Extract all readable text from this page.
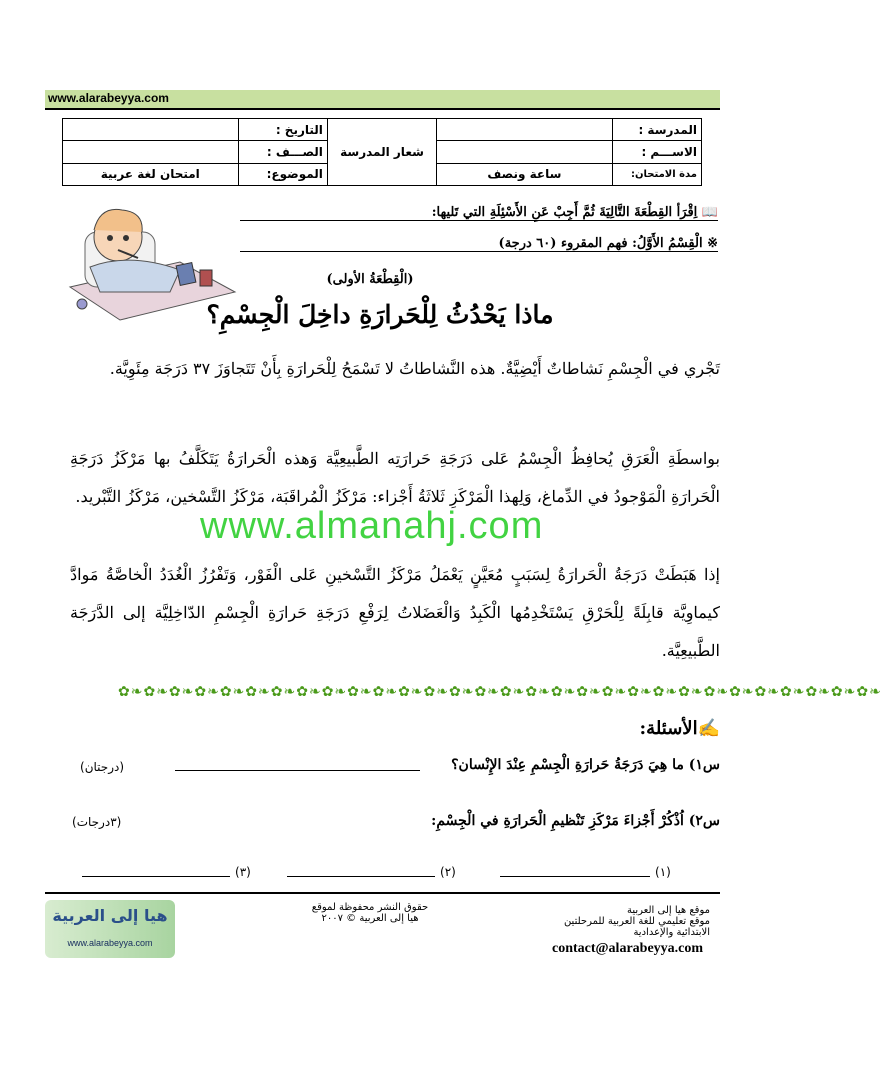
www.alarabeyya.com
المدرسة :		شعار المدرسة	التاريخ :	
الاســـم :			الصـــف :	
مدة الامتحان:	ساعة ونصف		الموضوع:	امتحان لغة عربية
📖 اِقْرَأ القِطْعَةَ التَّالِيَةَ ثُمَّ أَجِبْ عَنِ الأَسْئِلَةِ التي تَليها:
※ الْقِسْمُ الأَوَّلُ: فهم المقروء (٦٠ درجة)
(الْقِطْعَةُ الأولى)
ماذا يَحْدُثُ لِلْحَرارَةِ داخِلَ الْجِسْمِ؟
تَجْري في الْجِسْمِ نَشاطاتٌ أَيْضِيَّةٌ. هذه النَّشاطاتُ لا تَسْمَحُ لِلْحَرارَةِ بِأَنْ تَتَجاوَزَ ٣٧ دَرَجَة مِئَوِيَّة.
بواسطَةِ الْعَرَقِ يُحافِظُ الْجِسْمُ عَلى دَرَجَةِ حَرارَتِه الطَّبيعِيَّة وَهذه الْحَرارَةُ يَتَكَلَّفُ بها مَرْكَزُ دَرَجَةِ الْحَرارَةِ الْمَوْجودُ في الدِّماغ، وَلِهذا الْمَرْكَزِ ثَلاثَةُ أَجْزاء: مَرْكَزُ الْمُراقَبَة، مَرْكَزُ التَّسْخين، مَرْكَزُ التَّبْريد.
إذا هَبَطَتْ دَرَجَةُ الْحَرارَةُ لِسَبَبٍ مُعَيَّنٍ يَعْمَلُ مَرْكَزُ التَّسْخينِ عَلى الْفَوْر، وَتَفْرُزُ الْغُدَدُ الْخاصَّةُ مَوادَّ كيماوِيَّة قابِلَةً لِلْحَرْقِ يَسْتَخْدِمُها الْكَبِدُ وَالْعَضَلاتُ لِرَفْعِ دَرَجَةِ حَرارَةِ الْجِسْمِ الدّاخِلِيَّة إلى الدَّرَجَة الطَّبيعِيَّة.
www.almanahj.com
✿❧✿❧✿❧✿❧✿❧✿❧✿❧✿❧✿❧✿❧✿❧✿❧✿❧✿❧✿❧✿❧✿❧✿❧✿❧✿❧✿❧✿❧✿❧✿❧✿❧✿❧✿❧✿❧✿❧✿❧
✍الأسئلة:
س١) ما هِيَ دَرَجَةُ حَرارَةِ الْجِسْمِ عِنْدَ الإِنْسان؟
(درجتان)
س٢) اُذْكُرْ أَجْزاءَ مَرْكَزِ تَنْظيمِ الْحَرارَةِ في الْجِسْمِ:
(٣درجات)
(١)
(٢)
(٣)
موقع هيا إلى العربية
موقع تعليمي للغة العربية للمرحلتين
الابتدائية والإعدادية
contact@alarabeyya.com
حقوق النشر محفوظة لموقع
هيا إلى العربية © ٢٠٠٧
هيا إلى العربية
www.alarabeyya.com
